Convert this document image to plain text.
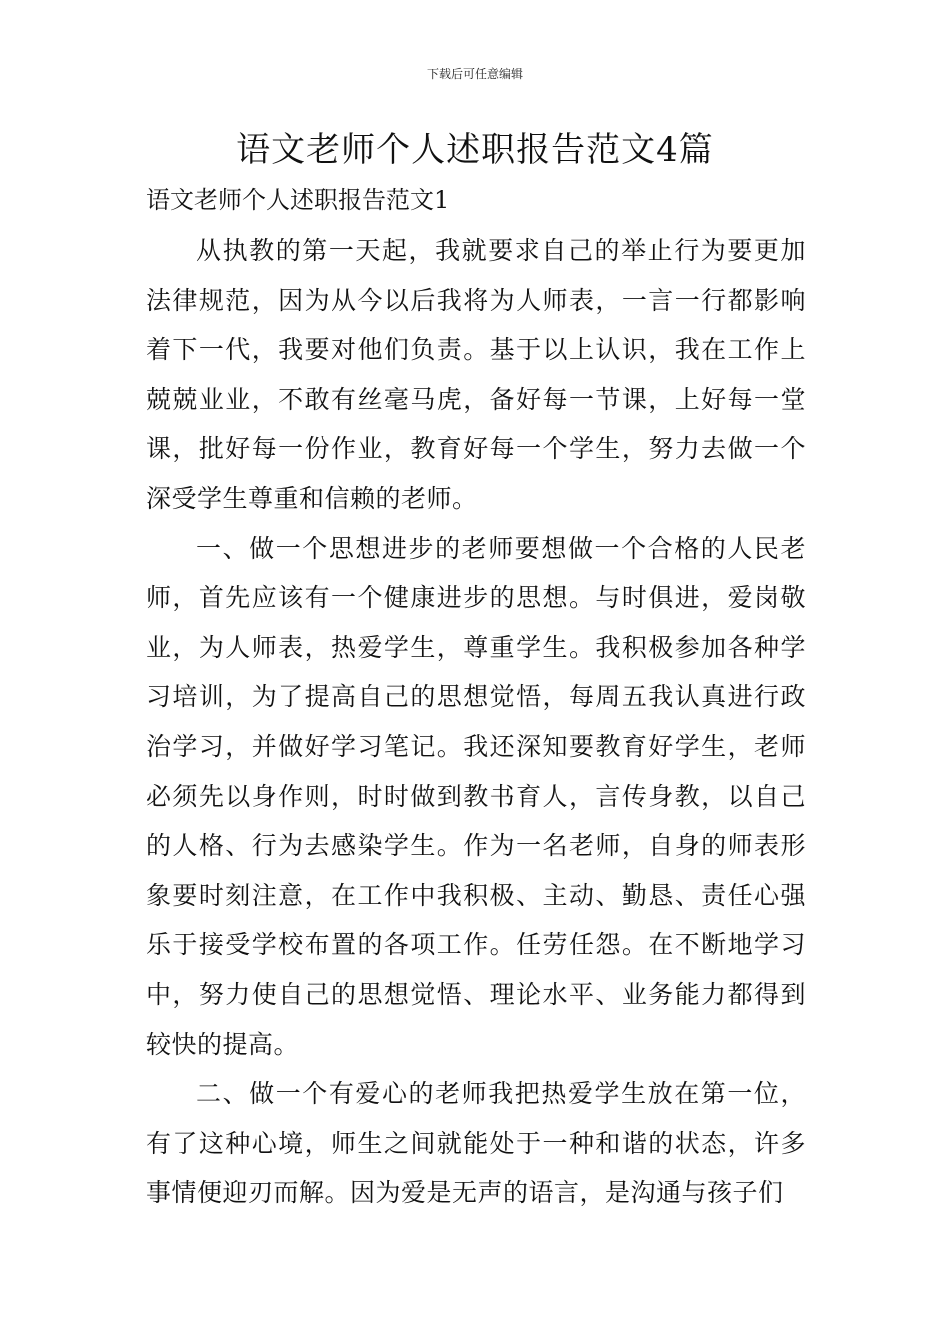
下载后可任意编辑
语文老师个人述职报告范文4篇
语文老师个人述职报告范文1

从执教的第一天起，我就要求自己的举止行为要更加法律规范，因为从今以后我将为人师表，一言一行都影响着下一代，我要对他们负责。基于以上认识，我在工作上兢兢业业，不敢有丝毫马虎，备好每一节课，上好每一堂课，批好每一份作业，教育好每一个学生，努力去做一个深受学生尊重和信赖的老师。

一、做一个思想进步的老师要想做一个合格的人民老师，首先应该有一个健康进步的思想。与时俱进，爱岗敬业，为人师表，热爱学生，尊重学生。我积极参加各种学习培训，为了提高自己的思想觉悟，每周五我认真进行政治学习，并做好学习笔记。我还深知要教育好学生，老师必须先以身作则，时时做到教书育人，言传身教，以自己的人格、行为去感染学生。作为一名老师，自身的师表形象要时刻注意，在工作中我积极、主动、勤恳、责任心强乐于接受学校布置的各项工作。任劳任怨。在不断地学习中，努力使自己的思想觉悟、理论水平、业务能力都得到较快的提高。

二、做一个有爱心的老师我把热爱学生放在第一位，有了这种心境，师生之间就能处于一种和谐的状态，许多事情便迎刃而解。因为爱是无声的语言，是沟通与孩子们
